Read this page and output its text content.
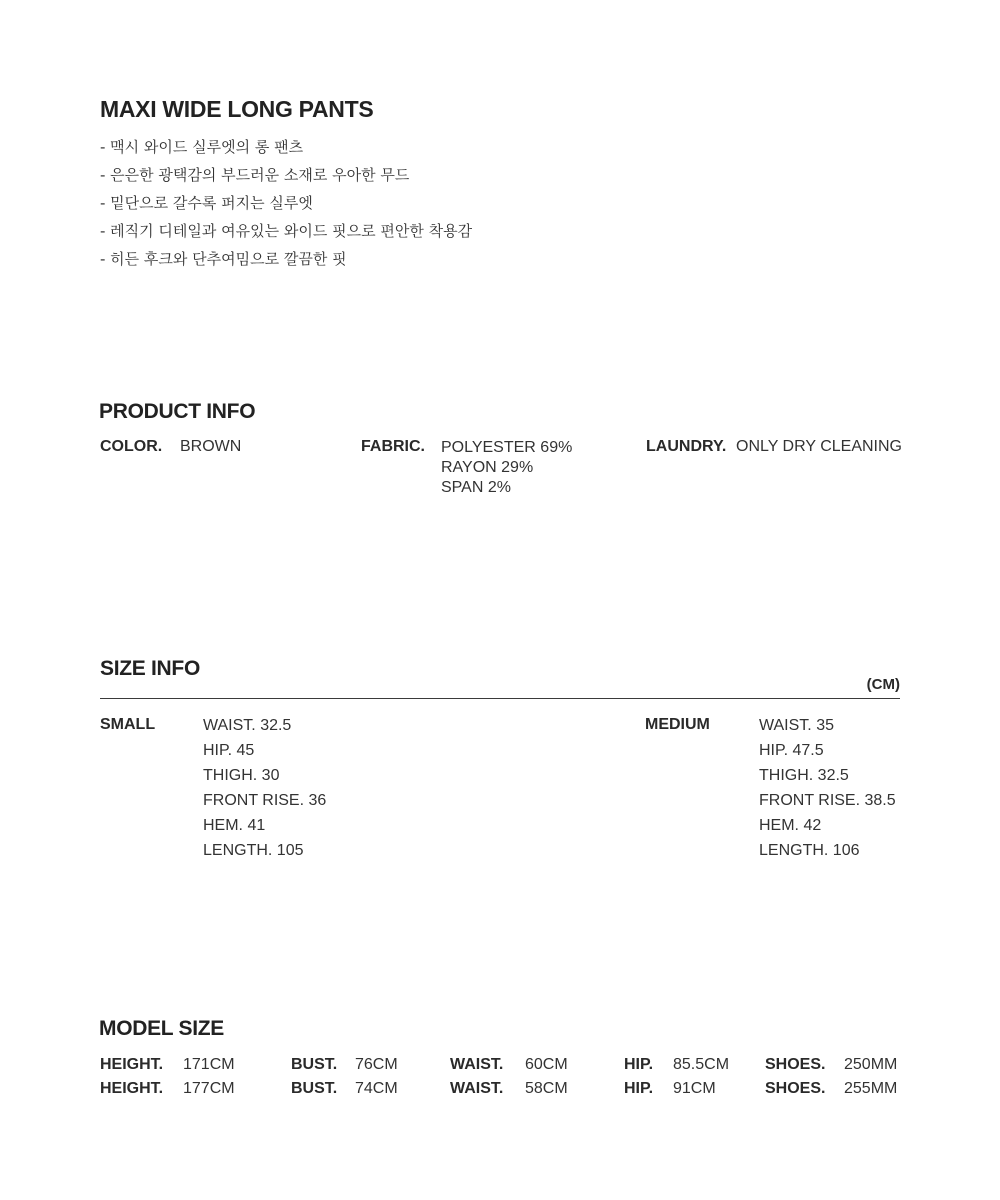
MAXI WIDE LONG PANTS
- 맥시 와이드 실루엣의 롱 팬츠
- 은은한 광택감의 부드러운 소재로 우아한 무드
- 밑단으로 갈수록 퍼지는 실루엣
- 레직기 디테일과 여유있는 와이드 핏으로 편안한 착용감
- 히든 후크와 단추여밈으로 깔끔한 핏
PRODUCT INFO
COLOR. BROWN	FABRIC. POLYESTER 69%
RAYON 29%
SPAN 2%
LAUNDRY. ONLY DRY CLEANING
SIZE INFO
(CM)
SMALL	WAIST. 32.5
HIP. 45
THIGH. 30
FRONT RISE. 36
HEM. 41
LENGTH. 105
MEDIUM	WAIST. 35
HIP. 47.5
THIGH. 32.5
FRONT RISE. 38.5
HEM. 42
LENGTH. 106
MODEL SIZE
HEIGHT. 171CM	BUST. 76CM	WAIST. 60CM	HIP. 85.5CM SHOES. 250MM
HEIGHT. 177CM	BUST. 74CM	WAIST. 58CM	HIP. 91CM	SHOES. 255MM
